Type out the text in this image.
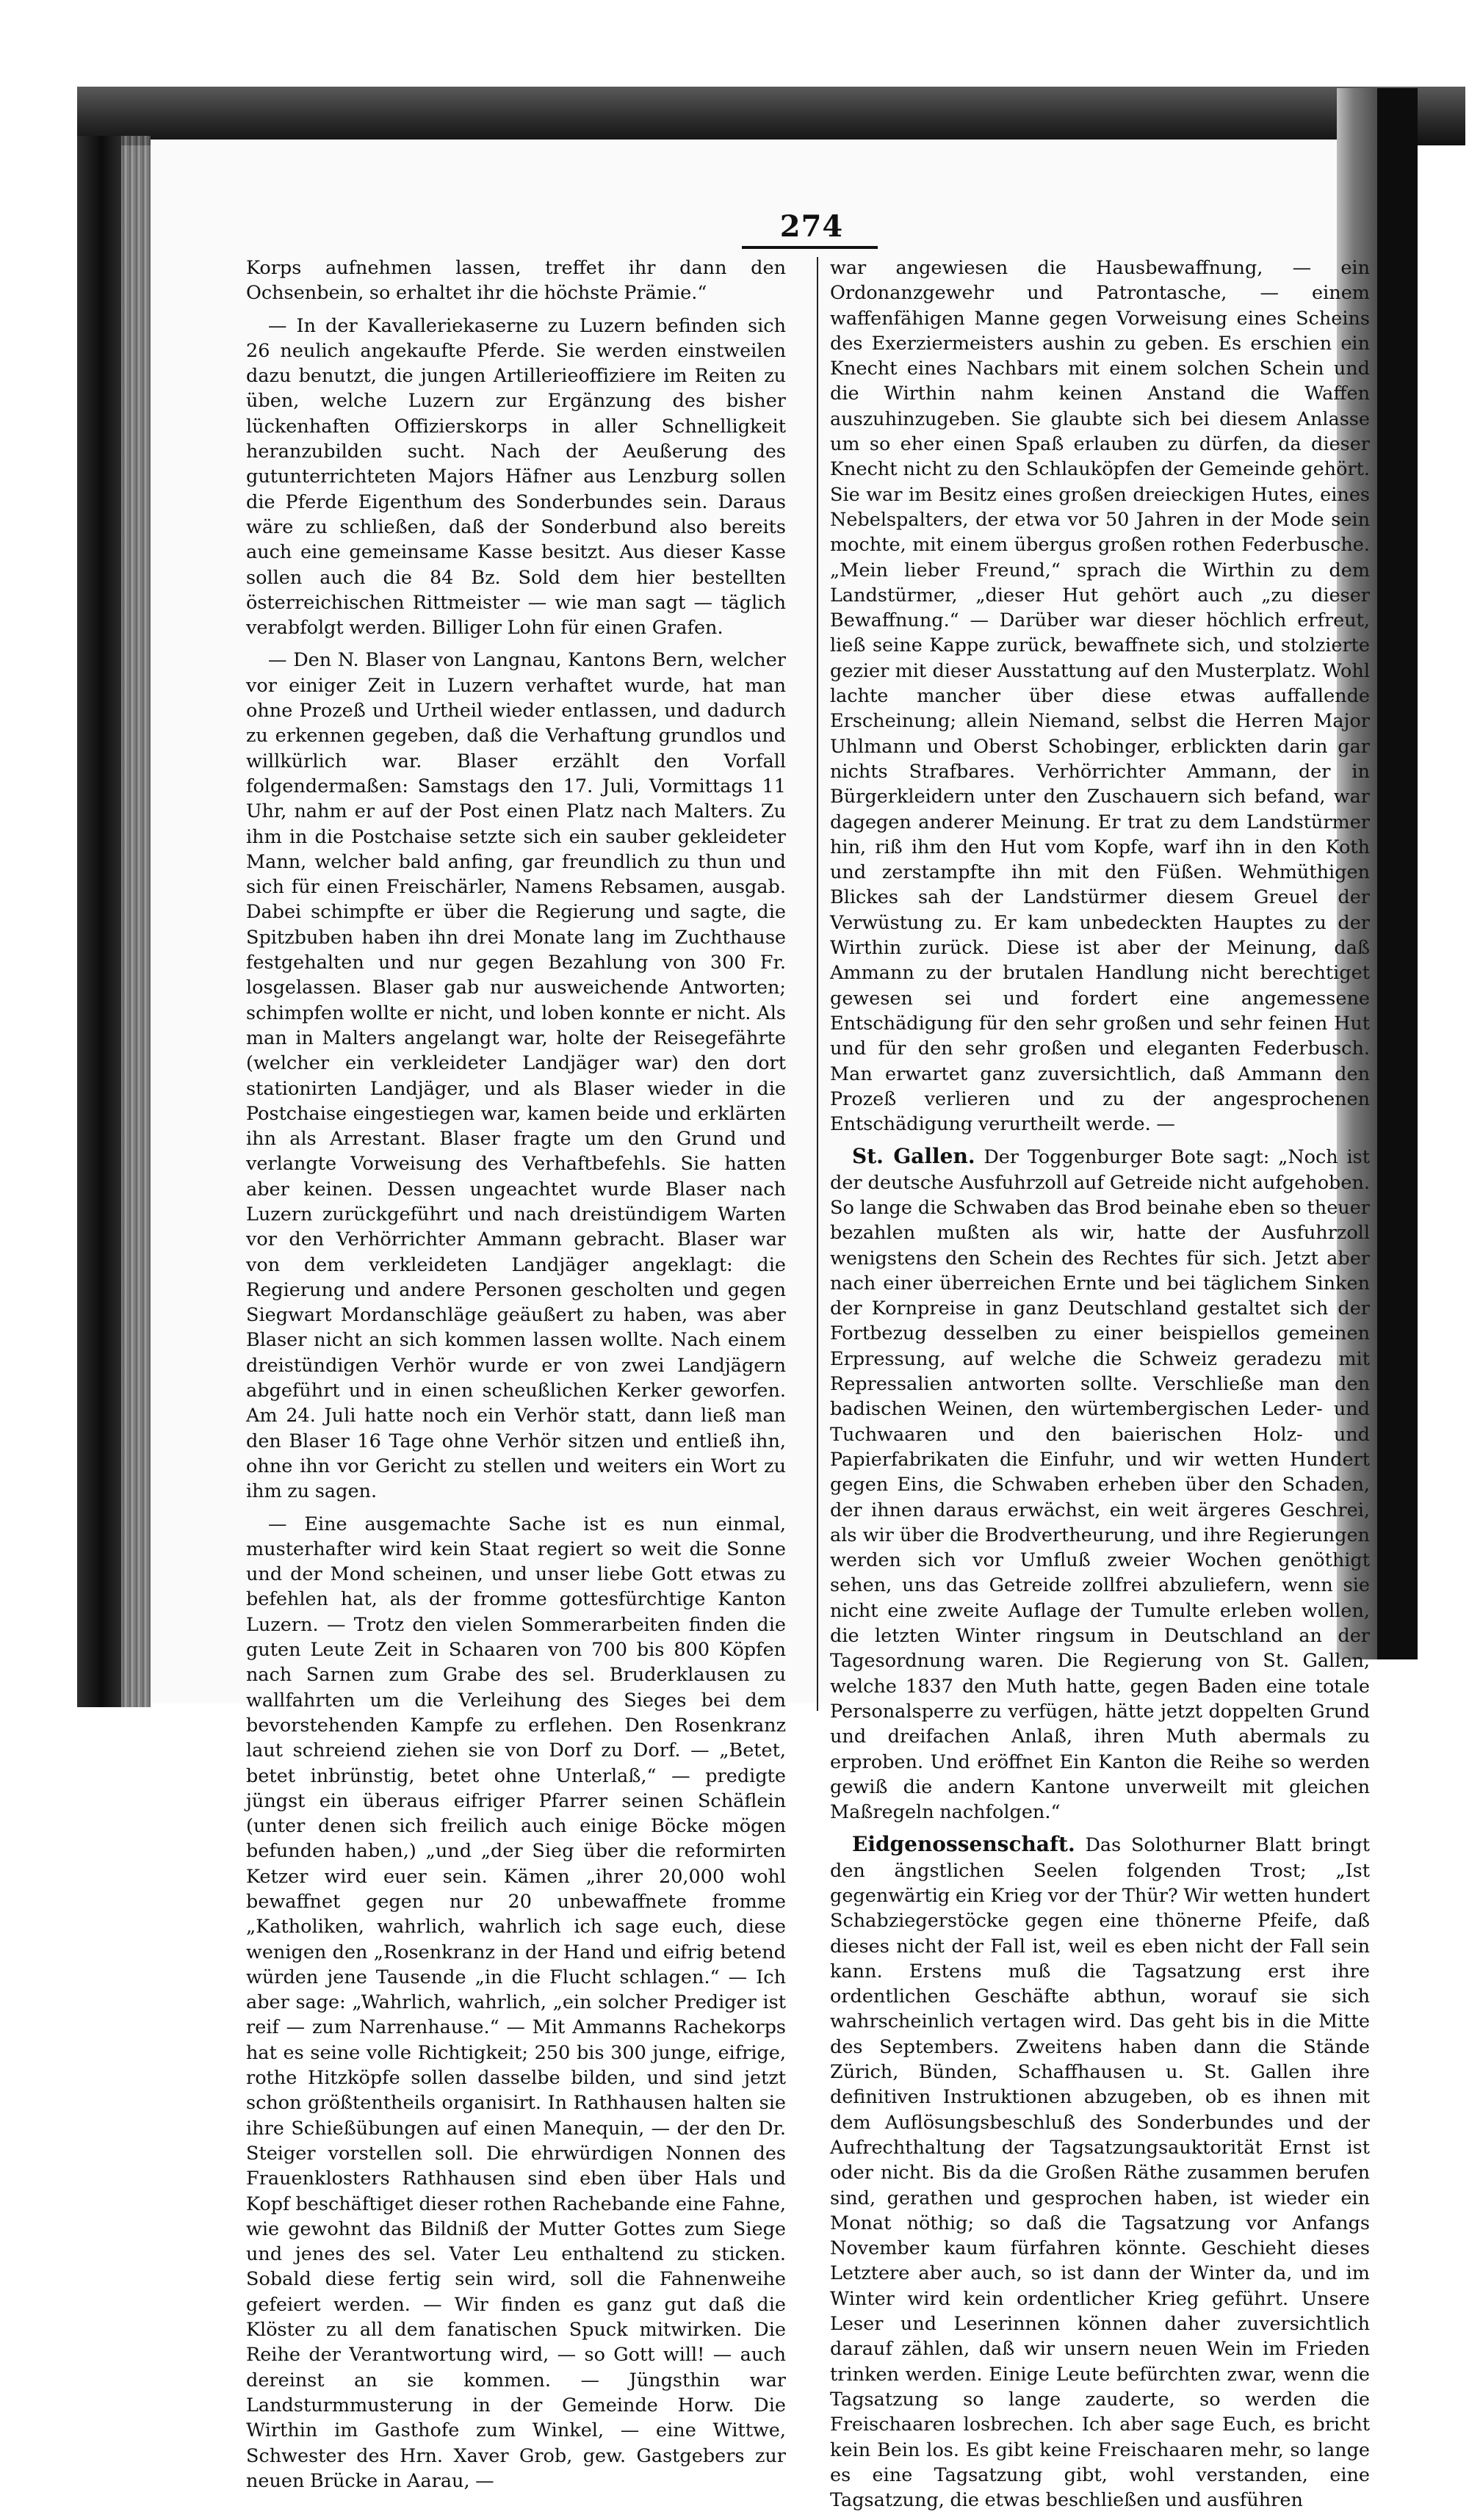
274

Korps aufnehmen lassen, treffet ihr dann den Ochsenbein, so erhaltet ihr die höchste Prämie.“

— In der Kavalleriekaserne zu Luzern befinden sich 26 neulich angekaufte Pferde. Sie werden einstweilen dazu benutzt, die jungen Artillerieoffiziere im Reiten zu üben, welche Luzern zur Ergänzung des bisher lückenhaften Offizierskorps in aller Schnelligkeit heranzubilden sucht. Nach der Aeußerung des gutunterrichteten Majors Häfner aus Lenzburg sollen die Pferde Eigenthum des Sonderbundes sein. Daraus wäre zu schließen, daß der Sonderbund also bereits auch eine gemeinsame Kasse besitzt. Aus dieser Kasse sollen auch die 84 Bz. Sold dem hier bestellten österreichischen Rittmeister — wie man sagt — täglich verabfolgt werden. Billiger Lohn für einen Grafen.

— Den N. Blaser von Langnau, Kantons Bern, welcher vor einiger Zeit in Luzern verhaftet wurde, hat man ohne Prozeß und Urtheil wieder entlassen, und dadurch zu erkennen gegeben, daß die Verhaftung grundlos und willkürlich war. Blaser erzählt den Vorfall folgendermaßen: Samstags den 17. Juli, Vormittags 11 Uhr, nahm er auf der Post einen Platz nach Malters. Zu ihm in die Postchaise setzte sich ein sauber gekleideter Mann, welcher bald anfing, gar freundlich zu thun und sich für einen Freischärler, Namens Rebsamen, ausgab. Dabei schimpfte er über die Regierung und sagte, die Spitzbuben haben ihn drei Monate lang im Zuchthause festgehalten und nur gegen Bezahlung von 300 Fr. losgelassen. Blaser gab nur ausweichende Antworten; schimpfen wollte er nicht, und loben konnte er nicht. Als man in Malters angelangt war, holte der Reisegefährte (welcher ein verkleideter Landjäger war) den dort stationirten Landjäger, und als Blaser wieder in die Postchaise eingestiegen war, kamen beide und erklärten ihn als Arrestant. Blaser fragte um den Grund und verlangte Vorweisung des Verhaftbefehls. Sie hatten aber keinen. Dessen ungeachtet wurde Blaser nach Luzern zurückgeführt und nach dreistündigem Warten vor den Verhörrichter Ammann gebracht. Blaser war von dem verkleideten Landjäger angeklagt: die Regierung und andere Personen gescholten und gegen Siegwart Mordanschläge geäußert zu haben, was aber Blaser nicht an sich kommen lassen wollte. Nach einem dreistündigen Verhör wurde er von zwei Landjägern abgeführt und in einen scheußlichen Kerker geworfen. Am 24. Juli hatte noch ein Verhör statt, dann ließ man den Blaser 16 Tage ohne Verhör sitzen und entließ ihn, ohne ihn vor Gericht zu stellen und weiters ein Wort zu ihm zu sagen.

— Eine ausgemachte Sache ist es nun einmal, musterhafter wird kein Staat regiert so weit die Sonne und der Mond scheinen, und unser liebe Gott etwas zu befehlen hat, als der fromme gottesfürchtige Kanton Luzern. — Trotz den vielen Sommerarbeiten finden die guten Leute Zeit in Schaaren von 700 bis 800 Köpfen nach Sarnen zum Grabe des sel. Bruderklausen zu wallfahrten um die Verleihung des Sieges bei dem bevorstehenden Kampfe zu erflehen. Den Rosenkranz laut schreiend ziehen sie von Dorf zu Dorf. — „Betet, betet inbrünstig, betet ohne Unterlaß,“ — predigte jüngst ein überaus eifriger Pfarrer seinen Schäflein (unter denen sich freilich auch einige Böcke mögen befunden haben,) „und „der Sieg über die reformirten Ketzer wird euer sein. Kämen „ihrer 20,000 wohl bewaffnet gegen nur 20 unbewaffnete fromme „Katholiken, wahrlich, wahrlich ich sage euch, diese wenigen den „Rosenkranz in der Hand und eifrig betend würden jene Tausende „in die Flucht schlagen.“ — Ich aber sage: „Wahrlich, wahrlich, „ein solcher Prediger ist reif — zum Narrenhause.“ — Mit Ammanns Rachekorps hat es seine volle Richtigkeit; 250 bis 300 junge, eifrige, rothe Hitzköpfe sollen dasselbe bilden, und sind jetzt schon größtentheils organisirt. In Rathhausen halten sie ihre Schießübungen auf einen Manequin, — der den Dr. Steiger vorstellen soll. Die ehrwürdigen Nonnen des Frauenklosters Rathhausen sind eben über Hals und Kopf beschäftiget dieser rothen Rachebande eine Fahne, wie gewohnt das Bildniß der Mutter Gottes zum Siege und jenes des sel. Vater Leu enthaltend zu sticken. Sobald diese fertig sein wird, soll die Fahnenweihe gefeiert werden. — Wir finden es ganz gut daß die Klöster zu all dem fanatischen Spuck mitwirken. Die Reihe der Verantwortung wird, — so Gott will! — auch dereinst an sie kommen. — Jüngsthin war Landsturmmusterung in der Gemeinde Horw. Die Wirthin im Gasthofe zum Winkel, — eine Wittwe, Schwester des Hrn. Xaver Grob, gew. Gastgebers zur neuen Brücke in Aarau, —

war angewiesen die Hausbewaffnung, — ein Ordonanzgewehr und Patrontasche, — einem waffenfähigen Manne gegen Vorweisung eines Scheins des Exerziermeisters aushin zu geben. Es erschien ein Knecht eines Nachbars mit einem solchen Schein und die Wirthin nahm keinen Anstand die Waffen auszuhinzugeben. Sie glaubte sich bei diesem Anlasse um so eher einen Spaß erlauben zu dürfen, da dieser Knecht nicht zu den Schlauköpfen der Gemeinde gehört. Sie war im Besitz eines großen dreieckigen Hutes, eines Nebelspalters, der etwa vor 50 Jahren in der Mode sein mochte, mit einem übergus großen rothen Federbusche. „Mein lieber Freund,“ sprach die Wirthin zu dem Landstürmer, „dieser Hut gehört auch „zu dieser Bewaffnung.“ — Darüber war dieser höchlich erfreut, ließ seine Kappe zurück, bewaffnete sich, und stolzierte gezier mit dieser Ausstattung auf den Musterplatz. Wohl lachte mancher über diese etwas auffallende Erscheinung; allein Niemand, selbst die Herren Major Uhlmann und Oberst Schobinger, erblickten darin gar nichts Strafbares. Verhörrichter Ammann, der in Bürgerkleidern unter den Zuschauern sich befand, war dagegen anderer Meinung. Er trat zu dem Landstürmer hin, riß ihm den Hut vom Kopfe, warf ihn in den Koth und zerstampfte ihn mit den Füßen. Wehmüthigen Blickes sah der Landstürmer diesem Greuel der Verwüstung zu. Er kam unbedeckten Hauptes zu der Wirthin zurück. Diese ist aber der Meinung, daß Ammann zu der brutalen Handlung nicht berechtiget gewesen sei und fordert eine angemessene Entschädigung für den sehr großen und sehr feinen Hut und für den sehr großen und eleganten Federbusch. Man erwartet ganz zuversichtlich, daß Ammann den Prozeß verlieren und zu der angesprochenen Entschädigung verurtheilt werde. —

St. Gallen. Der Toggenburger Bote sagt: „Noch ist der deutsche Ausfuhrzoll auf Getreide nicht aufgehoben. So lange die Schwaben das Brod beinahe eben so theuer bezahlen mußten als wir, hatte der Ausfuhrzoll wenigstens den Schein des Rechtes für sich. Jetzt aber nach einer überreichen Ernte und bei täglichem Sinken der Kornpreise in ganz Deutschland gestaltet sich der Fortbezug desselben zu einer beispiellos gemeinen Erpressung, auf welche die Schweiz geradezu mit Repressalien antworten sollte. Verschließe man den badischen Weinen, den würtembergischen Leder- und Tuchwaaren und den baierischen Holz- und Papierfabrikaten die Einfuhr, und wir wetten Hundert gegen Eins, die Schwaben erheben über den Schaden, der ihnen daraus erwächst, ein weit ärgeres Geschrei, als wir über die Brodvertheurung, und ihre Regierungen werden sich vor Umfluß zweier Wochen genöthigt sehen, uns das Getreide zollfrei abzuliefern, wenn sie nicht eine zweite Auflage der Tumulte erleben wollen, die letzten Winter ringsum in Deutschland an der Tagesordnung waren. Die Regierung von St. Gallen, welche 1837 den Muth hatte, gegen Baden eine totale Personalsperre zu verfügen, hätte jetzt doppelten Grund und dreifachen Anlaß, ihren Muth abermals zu erproben. Und eröffnet Ein Kanton die Reihe so werden gewiß die andern Kantone unverweilt mit gleichen Maßregeln nachfolgen.“

Eidgenossenschaft. Das Solothurner Blatt bringt den ängstlichen Seelen folgenden Trost; „Ist gegenwärtig ein Krieg vor der Thür? Wir wetten hundert Schabziegerstöcke gegen eine thönerne Pfeife, daß dieses nicht der Fall ist, weil es eben nicht der Fall sein kann. Erstens muß die Tagsatzung erst ihre ordentlichen Geschäfte abthun, worauf sie sich wahrscheinlich vertagen wird. Das geht bis in die Mitte des Septembers. Zweitens haben dann die Stände Zürich, Bünden, Schaffhausen u. St. Gallen ihre definitiven Instruktionen abzugeben, ob es ihnen mit dem Auflösungsbeschluß des Sonderbundes und der Aufrechthaltung der Tagsatzungsauktorität Ernst ist oder nicht. Bis da die Großen Räthe zusammen berufen sind, gerathen und gesprochen haben, ist wieder ein Monat nöthig; so daß die Tagsatzung vor Anfangs November kaum fürfahren könnte. Geschieht dieses Letztere aber auch, so ist dann der Winter da, und im Winter wird kein ordentlicher Krieg geführt. Unsere Leser und Leserinnen können daher zuversichtlich darauf zählen, daß wir unsern neuen Wein im Frieden trinken werden. Einige Leute befürchten zwar, wenn die Tagsatzung so lange zauderte, so werden die Freischaaren losbrechen. Ich aber sage Euch, es bricht kein Bein los. Es gibt keine Freischaaren mehr, so lange es eine Tagsatzung gibt, wohl verstanden, eine Tagsatzung, die etwas beschließen und ausführen
